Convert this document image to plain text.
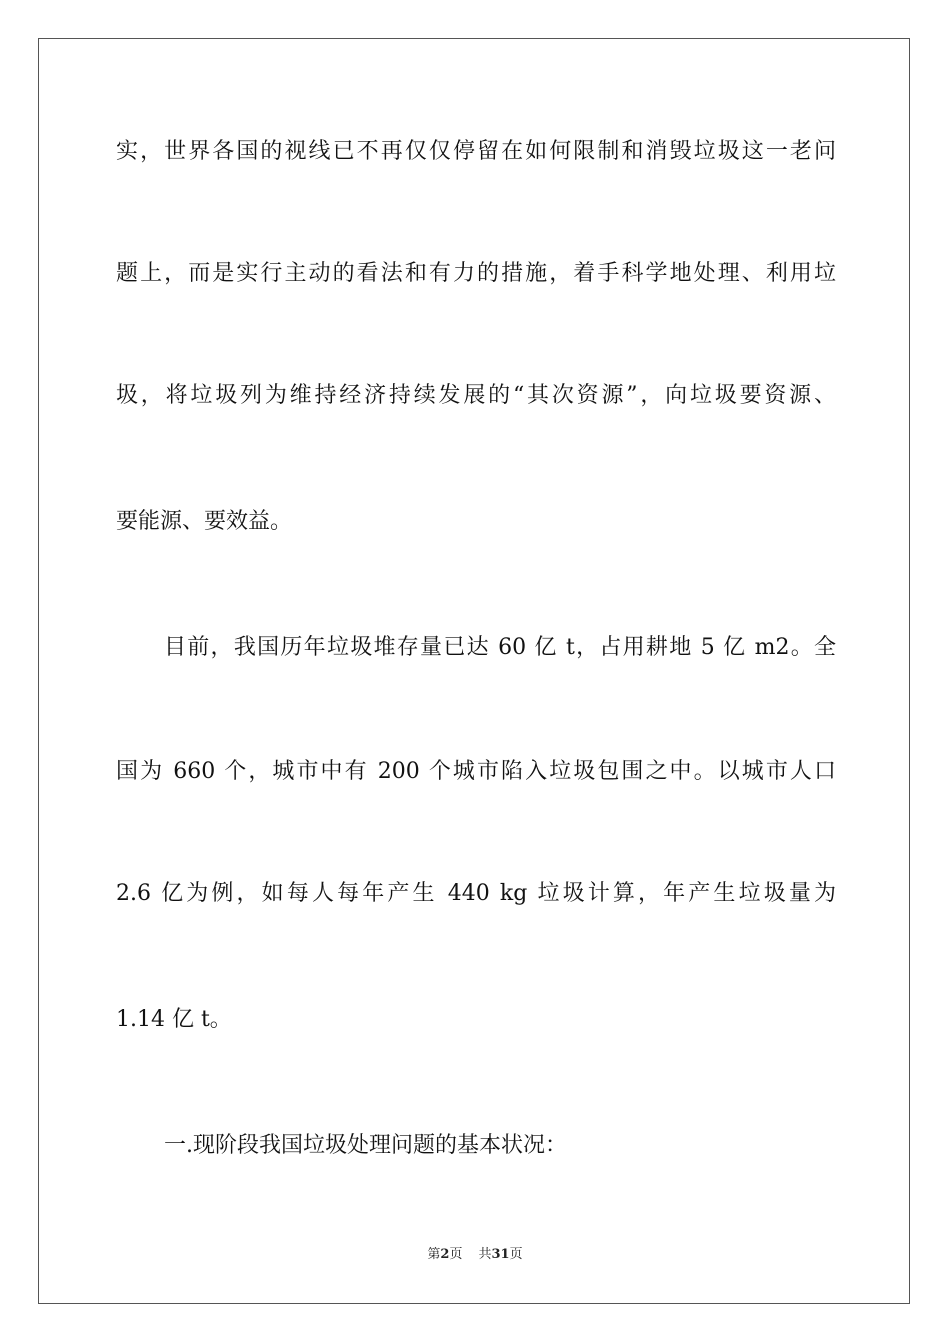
实，世界各国的视线已不再仅仅停留在如何限制和消毁垃圾这一老问
题上，而是实行主动的看法和有力的措施，着手科学地处理、利用垃
圾，将垃圾列为维持经济持续发展的“其次资源”，向垃圾要资源、
要能源、要效益。
目前，我国历年垃圾堆存量已达 60 亿 t，占用耕地 5 亿 m2。全
国为 660 个，城市中有 200 个城市陷入垃圾包围之中。以城市人口
2.6 亿为例，如每人每年产生 440 kg 垃圾计算，年产生垃圾量为
1.14 亿 t。
一.现阶段我国垃圾处理问题的基本状况：
第2页 共31页
